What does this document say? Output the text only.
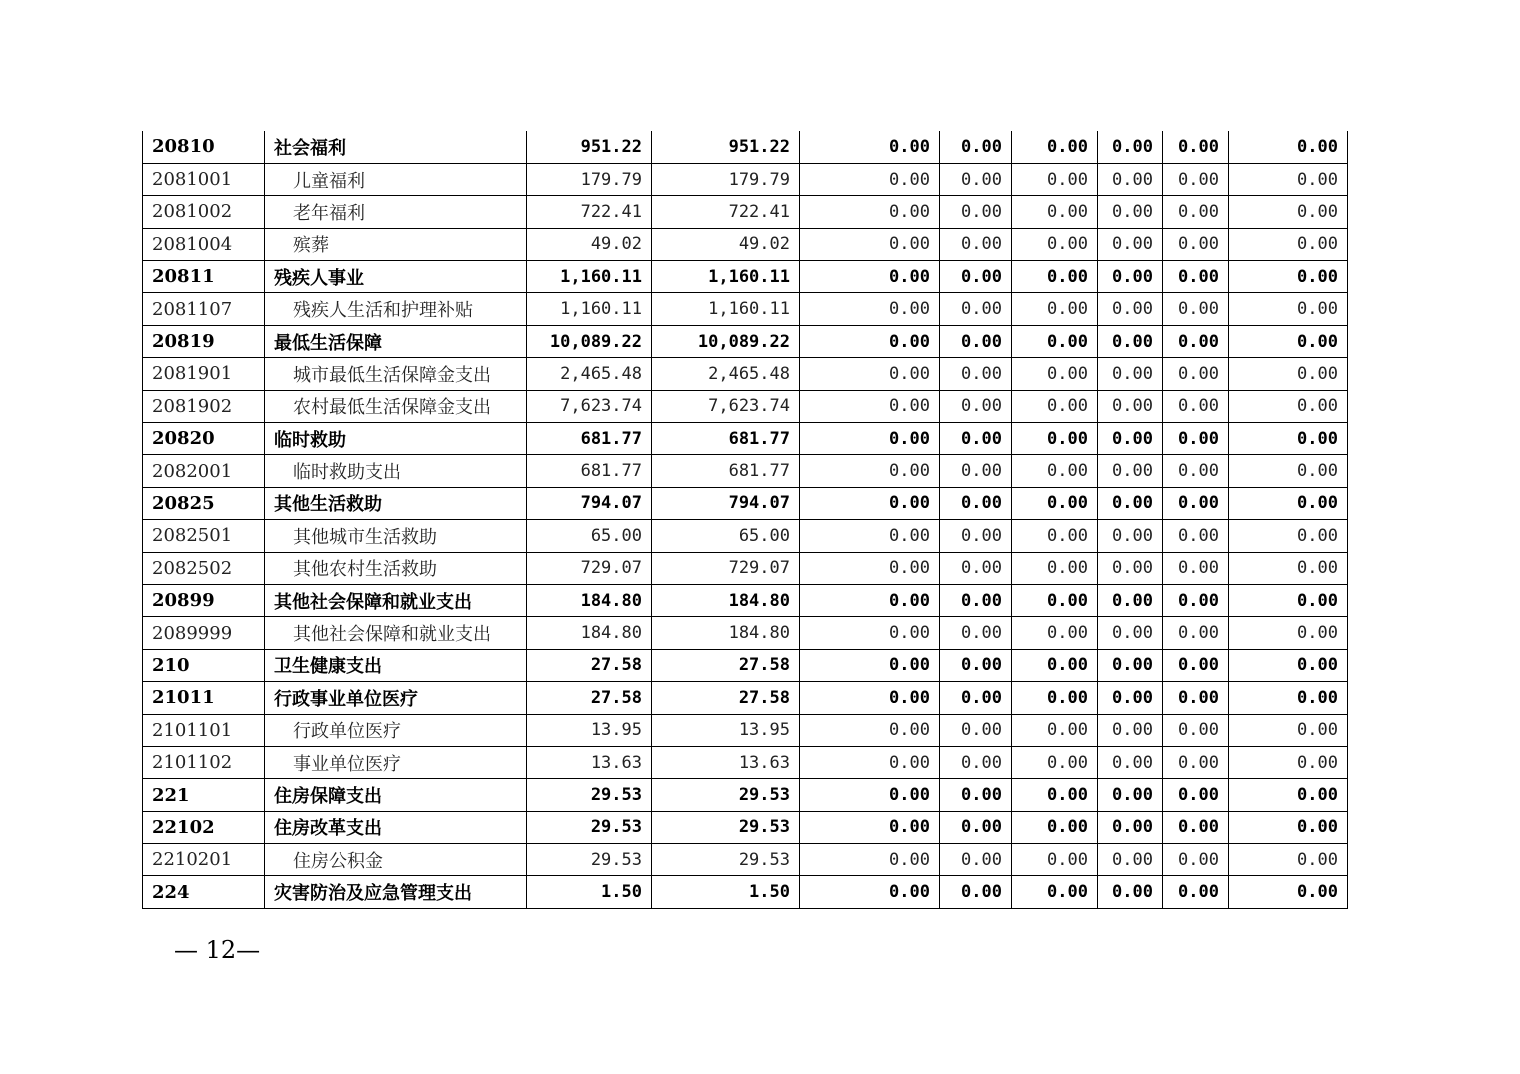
20810	社会福利	951.22	951.22	0.00	0.00	0.00	0.00	0.00	0.00
2081001	儿童福利	179.79	179.79	0.00	0.00	0.00	0.00	0.00	0.00
2081002	老年福利	722.41	722.41	0.00	0.00	0.00	0.00	0.00	0.00
2081004	殡葬	49.02	49.02	0.00	0.00	0.00	0.00	0.00	0.00
20811	残疾人事业	1,160.11	1,160.11	0.00	0.00	0.00	0.00	0.00	0.00
2081107	残疾人生活和护理补贴	1,160.11	1,160.11	0.00	0.00	0.00	0.00	0.00	0.00
20819	最低生活保障	10,089.22	10,089.22	0.00	0.00	0.00	0.00	0.00	0.00
2081901	城市最低生活保障金支出	2,465.48	2,465.48	0.00	0.00	0.00	0.00	0.00	0.00
2081902	农村最低生活保障金支出	7,623.74	7,623.74	0.00	0.00	0.00	0.00	0.00	0.00
20820	临时救助	681.77	681.77	0.00	0.00	0.00	0.00	0.00	0.00
2082001	临时救助支出	681.77	681.77	0.00	0.00	0.00	0.00	0.00	0.00
20825	其他生活救助	794.07	794.07	0.00	0.00	0.00	0.00	0.00	0.00
2082501	其他城市生活救助	65.00	65.00	0.00	0.00	0.00	0.00	0.00	0.00
2082502	其他农村生活救助	729.07	729.07	0.00	0.00	0.00	0.00	0.00	0.00
20899	其他社会保障和就业支出	184.80	184.80	0.00	0.00	0.00	0.00	0.00	0.00
2089999	其他社会保障和就业支出	184.80	184.80	0.00	0.00	0.00	0.00	0.00	0.00
210	卫生健康支出	27.58	27.58	0.00	0.00	0.00	0.00	0.00	0.00
21011	行政事业单位医疗	27.58	27.58	0.00	0.00	0.00	0.00	0.00	0.00
2101101	行政单位医疗	13.95	13.95	0.00	0.00	0.00	0.00	0.00	0.00
2101102	事业单位医疗	13.63	13.63	0.00	0.00	0.00	0.00	0.00	0.00
221	住房保障支出	29.53	29.53	0.00	0.00	0.00	0.00	0.00	0.00
22102	住房改革支出	29.53	29.53	0.00	0.00	0.00	0.00	0.00	0.00
2210201	住房公积金	29.53	29.53	0.00	0.00	0.00	0.00	0.00	0.00
224	灾害防治及应急管理支出	1.50	1.50	0.00	0.00	0.00	0.00	0.00	0.00
— 12—
